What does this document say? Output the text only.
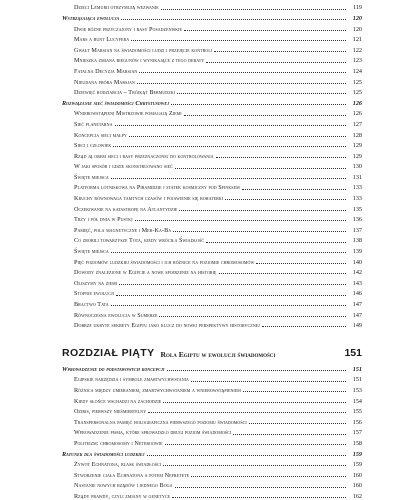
Dzieci Lemurii otrzymują wezwanie	119
Wstrząsająca ewolucja	120
Dwie różne przyczajony i rasy Posadzeniskie	120
Mars a bunt Lucyfera	121
Gwałt Marsjan na świadomości ludzi i przejęcie kontroli	122
Mnieszka zmiana biegunów i wynikające z tego debaty	123
Fatalna Decyzja Marsjan	124
Nieudana próba Marsjan	125
Dziewięć rodziarcia – Trójkąt Bermudzki	125
Rozwiązanie sieć świadomości Chrystusowej	126
Wniebowstąpieni Mistrzowie pomagają Ziemi	126
Sieć planetarna	127
Koncepcja sieci małpy	128
Sieci i człowiek	129
Rząd ją orem sieci i rasy przeznaczonej do kontrolowania	129
W jaki sposób i gdzie skonstruowano sieć	130
Święte miejsca	131
Platforma lotniskowa na Piramidzie i statek kosmiczny pod Sfinksem	133
Kruchy równowaga tamtych czasów i pojawienie się bohaterki	133
Oczekiwanie na katastrofę na Atlantydzie	135
Trzy i pół dnia w Pustki	136
Pamięć, pola magnetyczne i Mer-Ka-Ba	137
Co zrobili towarzysze Tota, kiedy wróciła Świadłość	138
Święte miejsca	139
Pięć poziomów ludzkiej świadomości i ich różnice na poziomie chromosomów	140
Dowody znalezione w Egipcie a nowe spojrzenie na historię	142
Oliszymy na ziemi	143
Stopnie ewolucji	146
Bractwo Tata	147
Równoczesna ewolucja w Sumerze	147
Dobrze ukryte sekrety Egiptu jako klucz do nowej perspektywy historycznej	149
ROZDZIAŁ PIĄTY Rola Egiptu w ewolucji świadomości	151
Wprowadzenie do podstawowych koncepcji	151
Egipskie narzędzia i symbole zmartwychwstania	151
Różnica między umieraniem, zmartwychwstaniem a wniebowstąpieniem	153
Kiedy słońce wschadzi na zachodzie	154
Oziris, pierwszy nieśmiertelny	155
Transpersonalna pamięć holograficzna pierwszego poziomu świadomości	156
Wprowadzenie pisma, które sprowadzło drugi poziom świadomości	157
Politeizm: chromosomy i Neteroowie	158
Ratunek dla świadomości ludzkiej	159
Żywot Echnatona, blask świadłości	159
Stworzenie ciała Echnatona a potem Nefretete	160
Nastanie nowych rządów i jednego Boga	160
Rządy prawdy, czyli zmiany w genetyce	162
